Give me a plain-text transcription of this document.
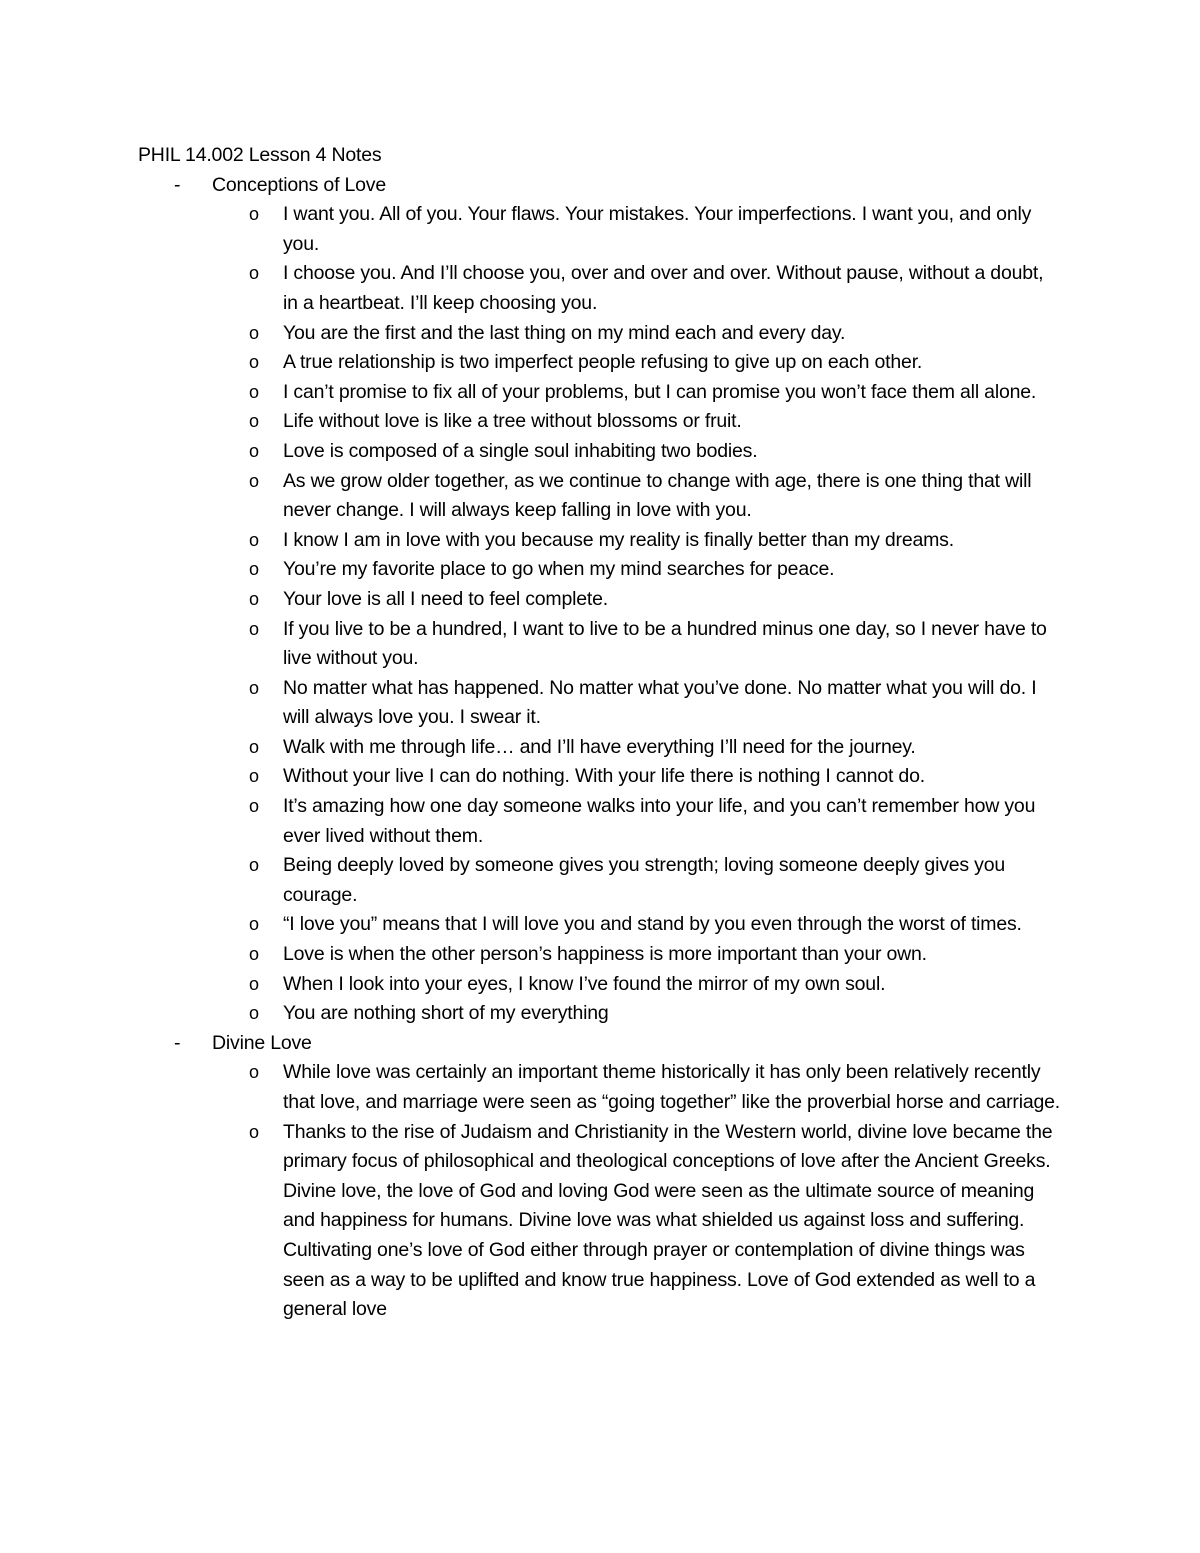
PHIL 14.002 Lesson 4 Notes
- Conceptions of Love
o I want you. All of you. Your flaws. Your mistakes. Your imperfections. I want you, and only you.
o I choose you. And I’ll choose you, over and over and over. Without pause, without a doubt, in a heartbeat. I’ll keep choosing you.
o You are the first and the last thing on my mind each and every day.
o A true relationship is two imperfect people refusing to give up on each other.
o I can’t promise to fix all of your problems, but I can promise you won’t face them all alone.
o Life without love is like a tree without blossoms or fruit.
o Love is composed of a single soul inhabiting two bodies.
o As we grow older together, as we continue to change with age, there is one thing that will never change. I will always keep falling in love with you.
o I know I am in love with you because my reality is finally better than my dreams.
o You’re my favorite place to go when my mind searches for peace.
o Your love is all I need to feel complete.
o If you live to be a hundred, I want to live to be a hundred minus one day, so I never have to live without you.
o No matter what has happened. No matter what you’ve done. No matter what you will do. I will always love you. I swear it.
o Walk with me through life… and I’ll have everything I’ll need for the journey.
o Without your live I can do nothing. With your life there is nothing I cannot do.
o It’s amazing how one day someone walks into your life, and you can’t remember how you ever lived without them.
o Being deeply loved by someone gives you strength; loving someone deeply gives you courage.
o “I love you” means that I will love you and stand by you even through the worst of times.
o Love is when the other person’s happiness is more important than your own.
o When I look into your eyes, I know I’ve found the mirror of my own soul.
o You are nothing short of my everything
- Divine Love
o While love was certainly an important theme historically it has only been relatively recently that love, and marriage were seen as “going together” like the proverbial horse and carriage.
o Thanks to the rise of Judaism and Christianity in the Western world, divine love became the primary focus of philosophical and theological conceptions of love after the Ancient Greeks. Divine love, the love of God and loving God were seen as the ultimate source of meaning and happiness for humans. Divine love was what shielded us against loss and suffering. Cultivating one’s love of God either through prayer or contemplation of divine things was seen as a way to be uplifted and know true happiness. Love of God extended as well to a general love
